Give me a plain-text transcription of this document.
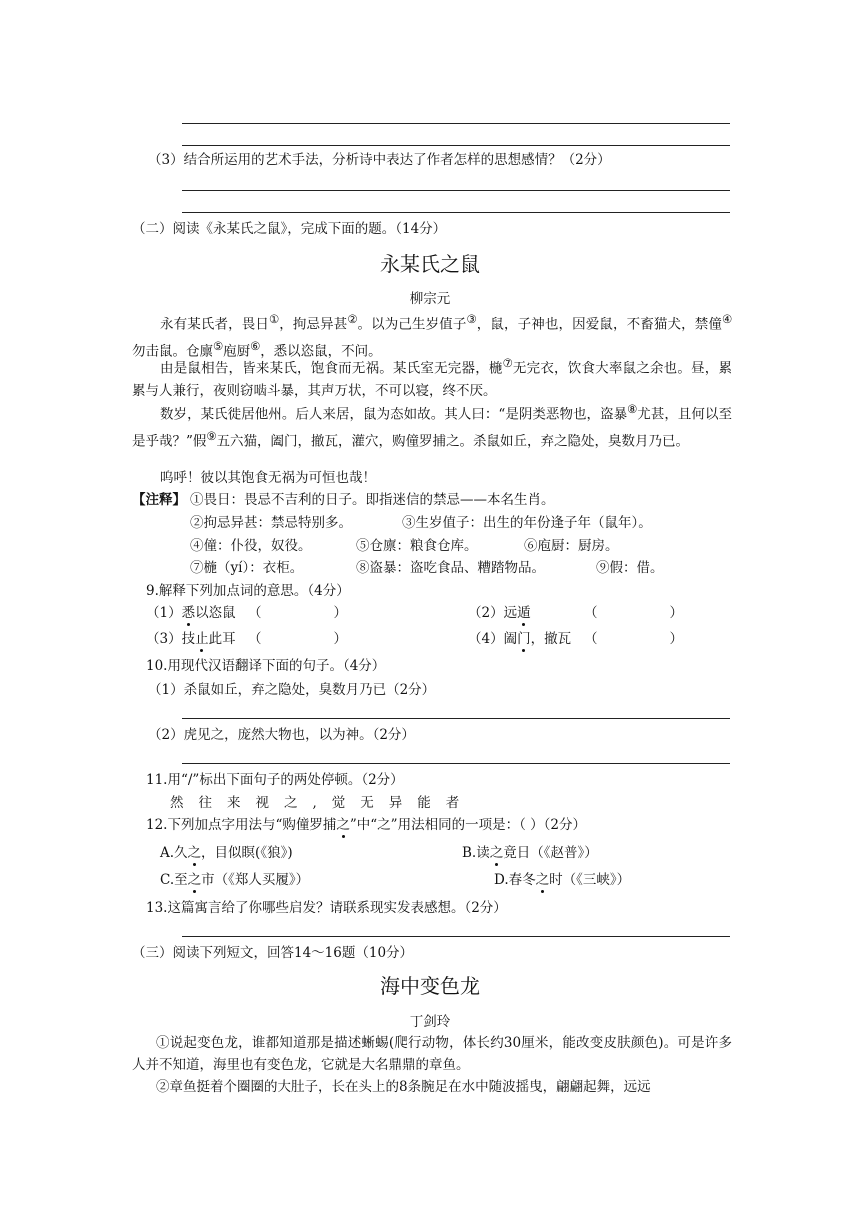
（3）结合所运用的艺术手法，分析诗中表达了作者怎样的思想感情？（2分）
（二）阅读《永某氏之鼠》，完成下面的题。（14分）
永某氏之鼠
柳宗元
永有某氏者，畏日①，拘忌异甚②。以为己生岁值子③，鼠，子神也，因爱鼠，不畜猫犬，禁僮④勿击鼠。仓廪⑤庖厨⑥，悉以恣鼠，不问。
由是鼠相告，皆来某氏，饱食而无祸。某氏室无完器，椸⑦无完衣，饮食大率鼠之余也。昼，累累与人兼行，夜则窃啮斗暴，其声万状，不可以寝，终不厌。
数岁，某氏徙居他州。后人来居，鼠为态如故。其人曰：“是阴类恶物也，盗暴⑧尤甚，且何以至是乎哉？”假⑨五六猫，阖门，撤瓦，灌穴，购僮罗捕之。杀鼠如丘，弃之隐处，臭数月乃已。
呜呼！彼以其饱食无祸为可恒也哉！
【注释】 ①畏日：畏忌不吉利的日子。即指迷信的禁忌——本名生肖。
②拘忌异甚：禁忌特别多。	③生岁值子：出生的年份逢子年（鼠年）。
④僮：仆役，奴役。	⑤仓廪：粮食仓库。	⑥庖厨：厨房。
⑦椸（yí）：衣柜。	⑧盗暴：盗吃食品、糟踏物品。	⑨假：借。
9.解释下列加点词的意思。（4分）
（1）悉以恣鼠 （	）	（2）远遁	（	）
（3）技止此耳 （	）	（4）阖门，撤瓦 （	）
10.用现代汉语翻译下面的句子。（4分）
（1）杀鼠如丘，弃之隐处，臭数月乃已（2分）
（2）虎见之，庞然大物也，以为神。（2分）
11.用“/”标出下面句子的两处停顿。（2分）
然往来视之,觉无异能者
12.下列加点字用法与“购僮罗捕之”中“之”用法相同的一项是：（ ）（2分）
A.久之，目似瞑(《狼》)	B.读之竟日（《赵普》）
C.至之市（《郑人买履》）	D.春冬之时（《三峡》）
13.这篇寓言给了你哪些启发？请联系现实发表感想。（2分）
（三）阅读下列短文，回答14～16题（10分）
海中变色龙
丁剑玲
①说起变色龙，谁都知道那是描述蜥蜴(爬行动物，体长约30厘米，能改变皮肤颜色)。可是许多人并不知道，海里也有变色龙，它就是大名鼎鼎的章鱼。
②章鱼挺着个圈圈的大肚子，长在头上的8条腕足在水中随波摇曳，翩翩起舞，远远
